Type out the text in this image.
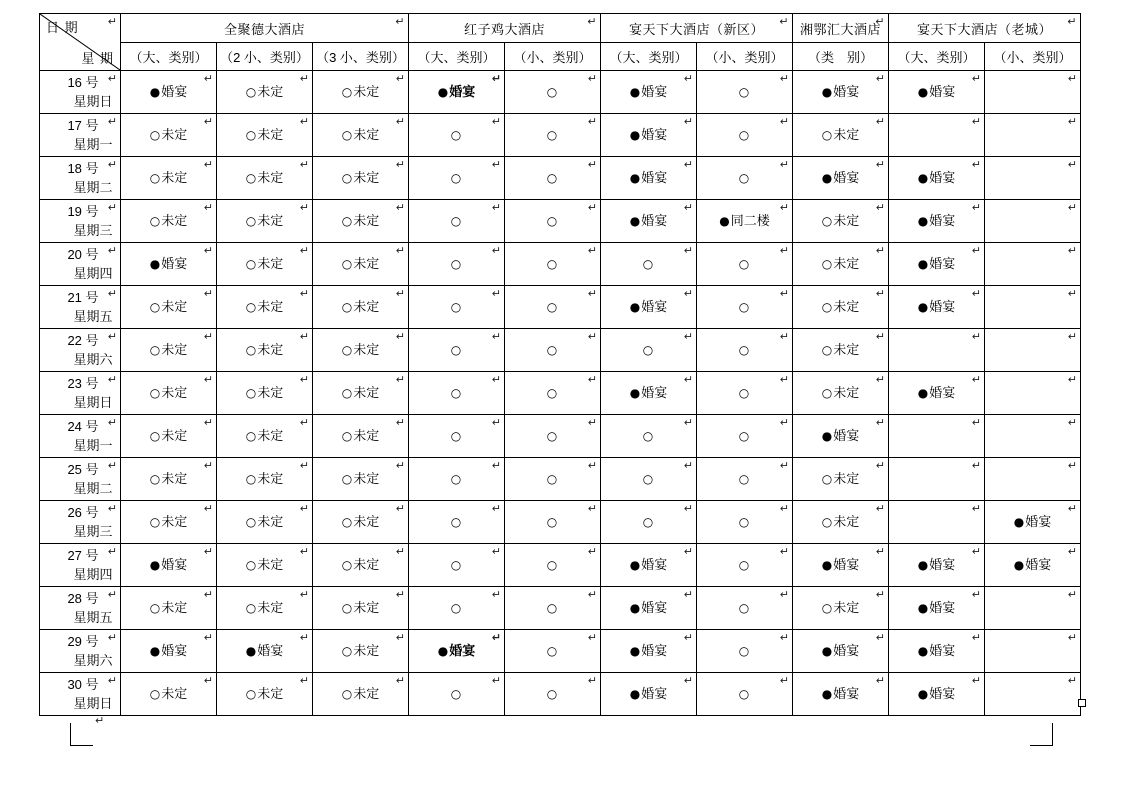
日 期
星 期
↵	全聚德大酒店
↵			红子鸡大酒店
↵		宴天下大酒店（新区）
↵		湘鄂汇大酒店
↵	宴天下大酒店（老城）
↵	

	（大、类别）	（2 小、类别）	（3 小、类别）	（大、类别）	（小、类别）	（大、类别）	（小、类别）	（类　别）	（大、类别）	（小、类别）

16 号
星期日
↵	●婚宴
↵	○未定
↵	○未定
↵	●婚宴
↵	○
↵	●婚宴
↵	○
↵	●婚宴
↵	●婚宴
↵	↵

17 号
星期一
↵	○未定
↵	○未定
↵	○未定
↵	○
↵	○
↵	●婚宴
↵	○
↵	○未定
↵	↵	↵

18 号
星期二
↵	○未定
↵	○未定
↵	○未定
↵	○
↵	○
↵	●婚宴
↵	○
↵	●婚宴
↵	●婚宴
↵	↵

19 号
星期三
↵	○未定
↵	○未定
↵	○未定
↵	○
↵	○
↵	●婚宴
↵	●同二楼
↵	○未定
↵	●婚宴
↵	↵

20 号
星期四
↵	●婚宴
↵	○未定
↵	○未定
↵	○
↵	○
↵	○
↵	○
↵	○未定
↵	●婚宴
↵	↵

21 号
星期五
↵	○未定
↵	○未定
↵	○未定
↵	○
↵	○
↵	●婚宴
↵	○
↵	○未定
↵	●婚宴
↵	↵

22 号
星期六
↵	○未定
↵	○未定
↵	○未定
↵	○
↵	○
↵	○
↵	○
↵	○未定
↵	↵	↵

23 号
星期日
↵	○未定
↵	○未定
↵	○未定
↵	○
↵	○
↵	●婚宴
↵	○
↵	○未定
↵	●婚宴
↵	↵

24 号
星期一
↵	○未定
↵	○未定
↵	○未定
↵	○
↵	○
↵	○
↵	○
↵	●婚宴
↵	↵	↵

25 号
星期二
↵	○未定
↵	○未定
↵	○未定
↵	○
↵	○
↵	○
↵	○
↵	○未定
↵	↵	↵

26 号
星期三
↵	○未定
↵	○未定
↵	○未定
↵	○
↵	○
↵	○
↵	○
↵	○未定
↵	↵	●婚宴
↵

27 号
星期四
↵	●婚宴
↵	○未定
↵	○未定
↵	○
↵	○
↵	●婚宴
↵	○
↵	●婚宴
↵	●婚宴
↵	●婚宴
↵

28 号
星期五
↵	○未定
↵	○未定
↵	○未定
↵	○
↵	○
↵	●婚宴
↵	○
↵	○未定
↵	●婚宴
↵	↵

29 号
星期六
↵	●婚宴
↵	●婚宴
↵	○未定
↵	●婚宴
↵	○
↵	●婚宴
↵	○
↵	●婚宴
↵	●婚宴
↵	↵

30 号
星期日
↵	○未定
↵	○未定
↵	○未定
↵	○
↵	○
↵	●婚宴
↵	○
↵	●婚宴
↵	●婚宴
↵	↵
↵
